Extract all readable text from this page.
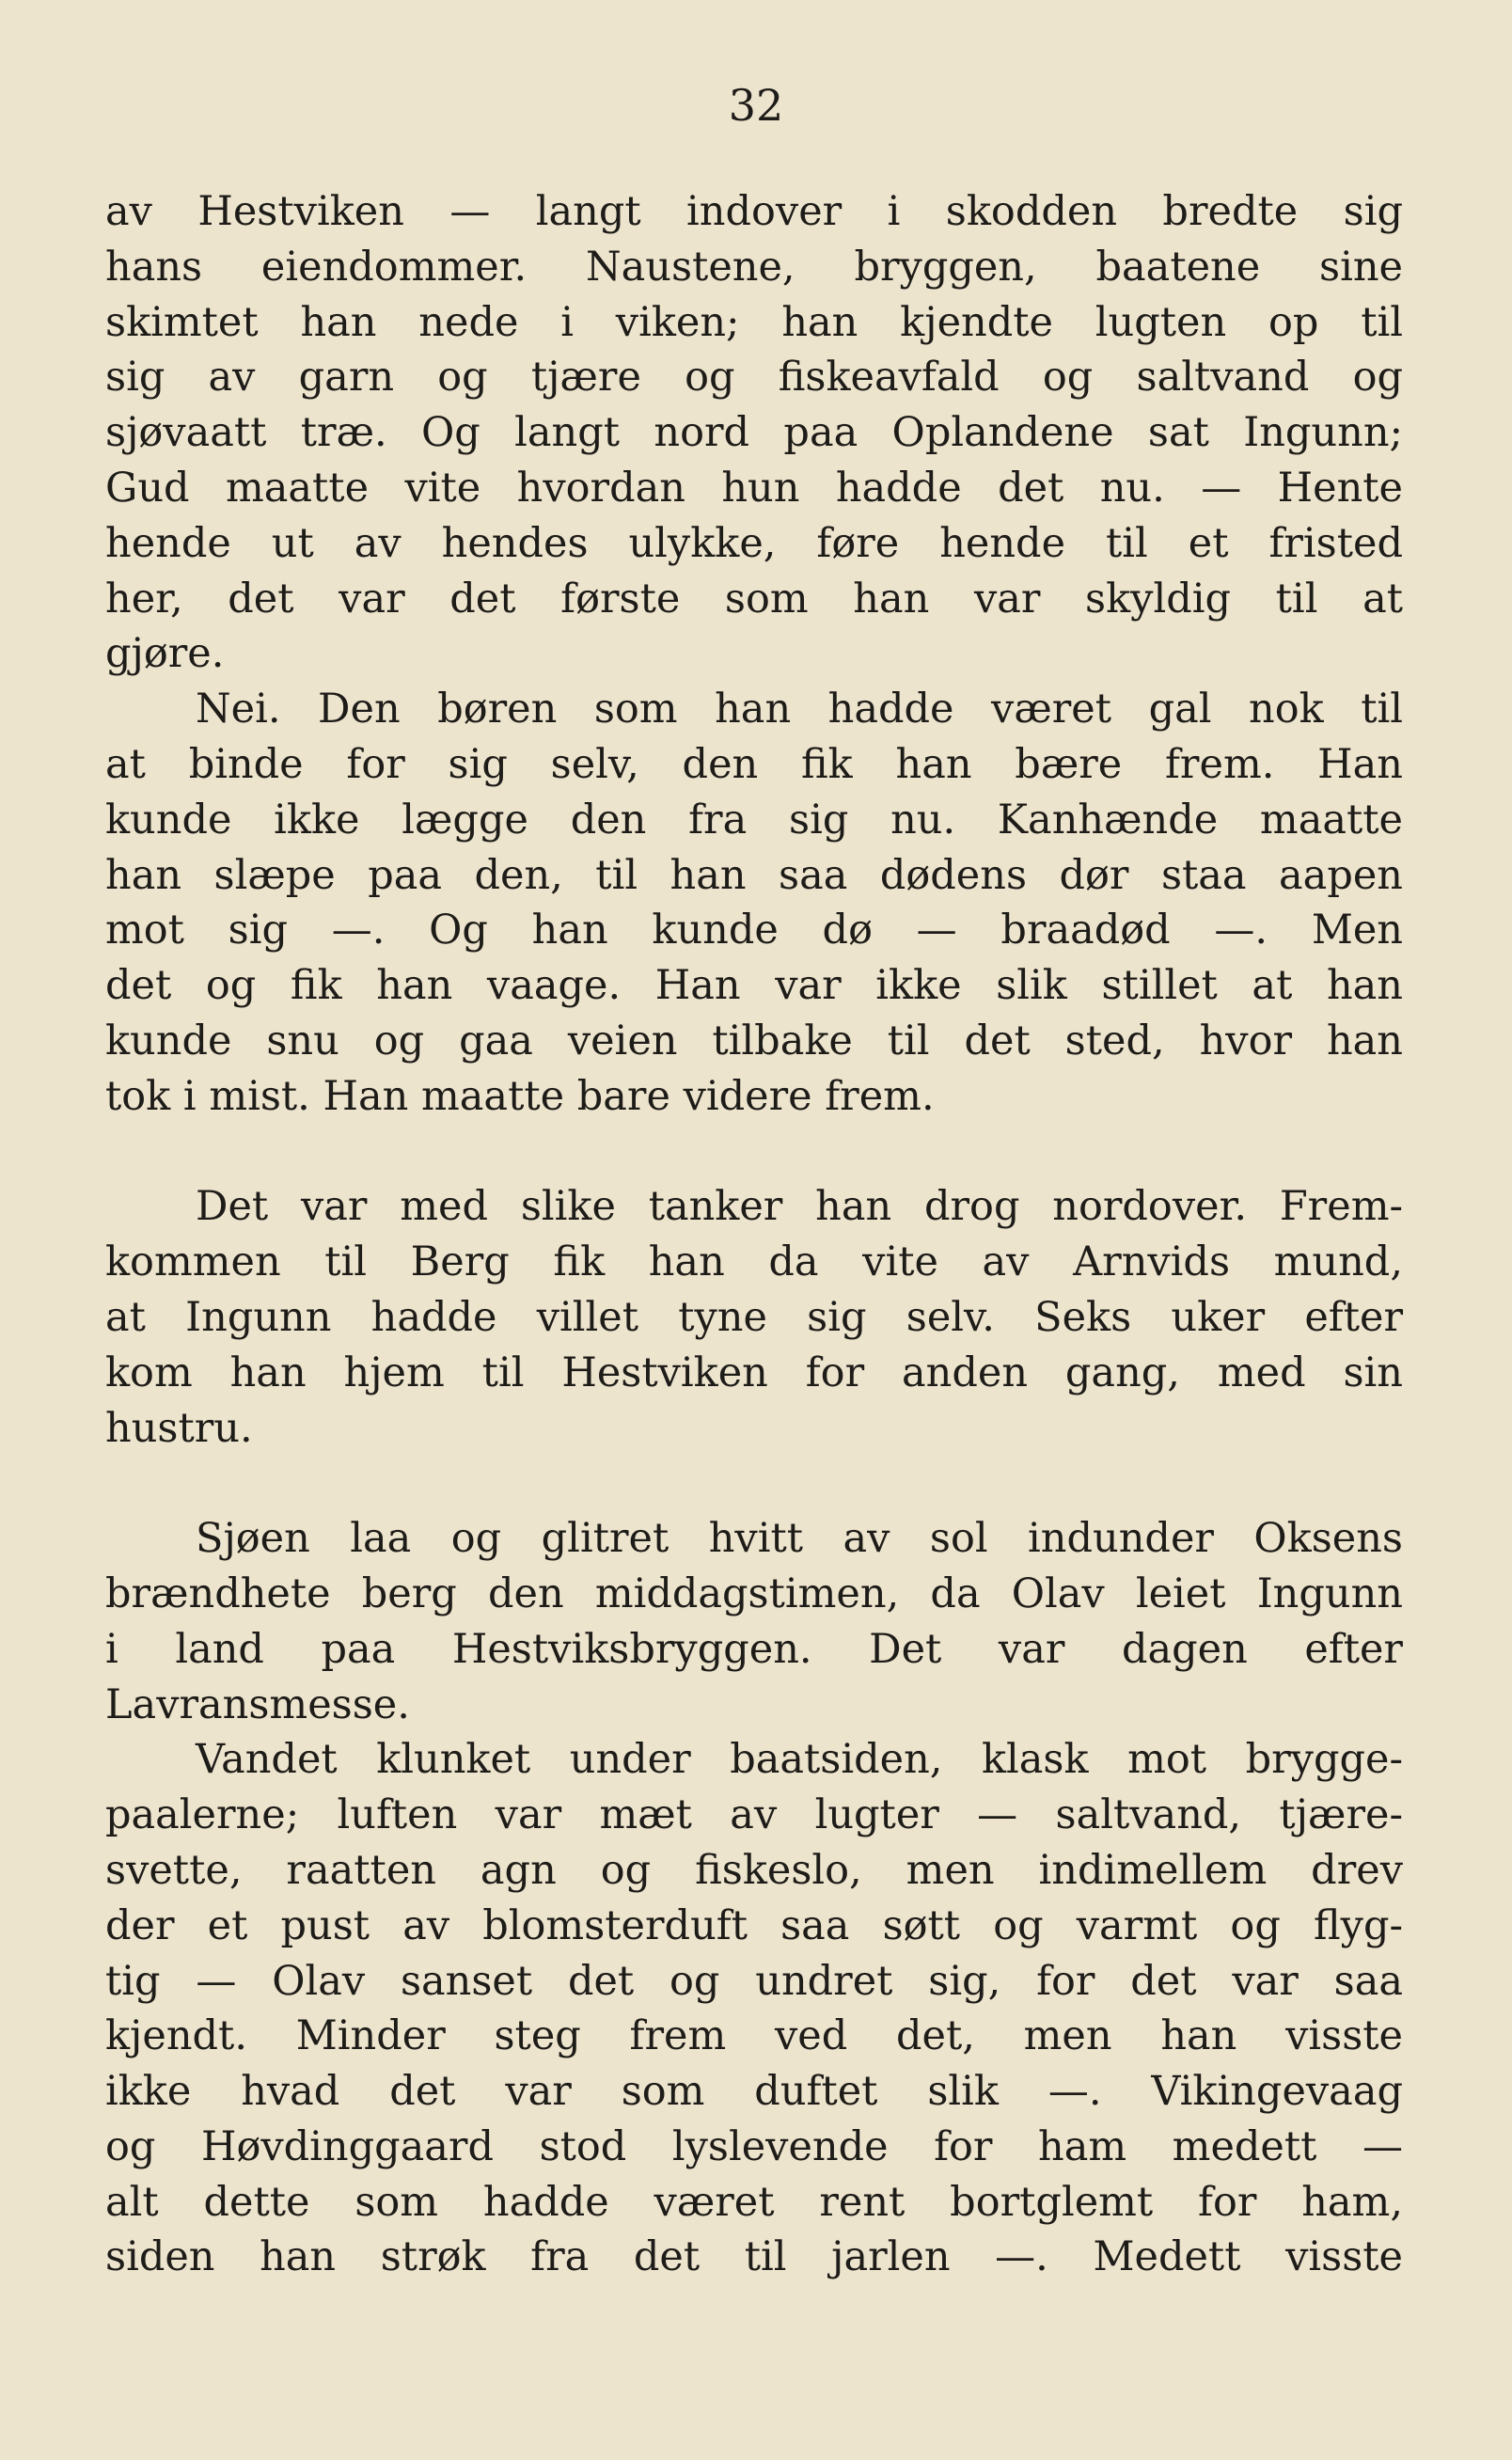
32
av Hestviken — langt indover i skodden bredte sig
hans eiendommer. Naustene, bryggen, baatene sine
skimtet han nede i viken; han kjendte lugten op til
sig av garn og tjære og fiskeavfald og saltvand og
sjøvaatt træ. Og langt nord paa Oplandene sat Ingunn;
Gud maatte vite hvordan hun hadde det nu. — Hente
hende ut av hendes ulykke, føre hende til et fristed
her, det var det første som han var skyldig til at
gjøre.
Nei. Den børen som han hadde været gal nok til
at binde for sig selv, den fik han bære frem. Han
kunde ikke lægge den fra sig nu. Kanhænde maatte
han slæpe paa den, til han saa dødens dør staa aapen
mot sig —. Og han kunde dø — braadød —. Men
det og fik han vaage. Han var ikke slik stillet at han
kunde snu og gaa veien tilbake til det sted, hvor han
tok i mist. Han maatte bare videre frem.
Det var med slike tanker han drog nordover. Frem-
kommen til Berg fik han da vite av Arnvids mund,
at Ingunn hadde villet tyne sig selv. Seks uker efter
kom han hjem til Hestviken for anden gang, med sin
hustru.
Sjøen laa og glitret hvitt av sol indunder Oksens
brændhete berg den middagstimen, da Olav leiet Ingunn
i land paa Hestviksbryggen. Det var dagen efter
Lavransmesse.
Vandet klunket under baatsiden, klask mot brygge-
paalerne; luften var mæt av lugter — saltvand, tjære-
svette, raatten agn og fiskeslo, men indimellem drev
der et pust av blomsterduft saa søtt og varmt og flyg-
tig — Olav sanset det og undret sig, for det var saa
kjendt. Minder steg frem ved det, men han visste
ikke hvad det var som duftet slik —. Vikingevaag
og Høvdinggaard stod lyslevende for ham medett —
alt dette som hadde været rent bortglemt for ham,
siden han strøk fra det til jarlen —. Medett visste
